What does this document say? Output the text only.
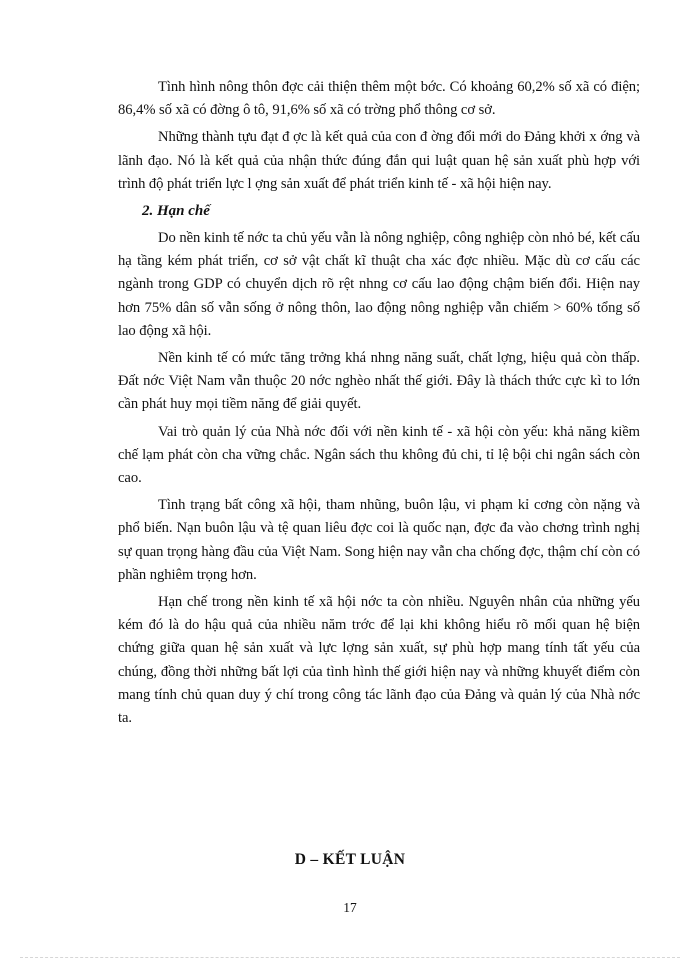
Tình hình nông thôn đợc cải thiện thêm một bớc. Có khoảng 60,2% số xã có điện; 86,4% số xã có đờng ô tô, 91,6% số xã có trờng phổ thông cơ sở.

Những thành tựu đạt đ ợc là kết quả của con đ ờng đổi mới do Đảng khởi x ớng và lãnh đạo. Nó là kết quả của nhận thức đúng đắn qui luật quan hệ sản xuất phù hợp với trình độ phát triển lực l ợng sản xuất để phát triển kinh tế - xã hội hiện nay.

2. Hạn chế

Do nền kinh tế nớc ta chủ yếu vẫn là nông nghiệp, công nghiệp còn nhỏ bé, kết cấu hạ tầng kém phát triển, cơ sở vật chất kĩ thuật cha xác đợc nhiều. Mặc dù cơ cấu các ngành trong GDP có chuyển dịch rõ rệt nhng cơ cấu lao động chậm biến đổi. Hiện nay hơn 75% dân số vẫn sống ở nông thôn, lao động nông nghiệp vẫn chiếm > 60% tổng số lao động xã hội.

Nền kinh tế có mức tăng trởng khá nhng năng suất, chất lợng, hiệu quả còn thấp. Đất nớc Việt Nam vẫn thuộc 20 nớc nghèo nhất thế giới. Đây là thách thức cực kì to lớn cần phát huy mọi tiềm năng để giải quyết.

Vai trò quản lý của Nhà nớc đối với nền kinh tế - xã hội còn yếu: khả năng kiềm chế lạm phát còn cha vững chắc. Ngân sách thu không đủ chi, tỉ lệ bội chi ngân sách còn cao.

Tình trạng bất công xã hội, tham nhũng, buôn lậu, vi phạm kỉ cơng còn nặng và phổ biến. Nạn buôn lậu và tệ quan liêu đợc coi là quốc nạn, đợc đa vào chơng trình nghị sự quan trọng hàng đầu của Việt Nam. Song hiện nay vẫn cha chống đợc, thậm chí còn có phần nghiêm trọng hơn.

Hạn chế trong nền kinh tế xã hội nớc ta còn nhiều. Nguyên nhân của những yếu kém đó là do hậu quả của nhiều năm trớc để lại khi không hiểu rõ mối quan hệ biện chứng giữa quan hệ sản xuất và lực lợng sản xuất, sự phù hợp mang tính tất yếu của chúng, đồng thời những bất lợi của tình hình thế giới hiện nay và những khuyết điểm còn mang tính chủ quan duy ý chí trong công tác lãnh đạo của Đảng và quản lý của Nhà nớc ta.

D – KẾT LUẬN
17
